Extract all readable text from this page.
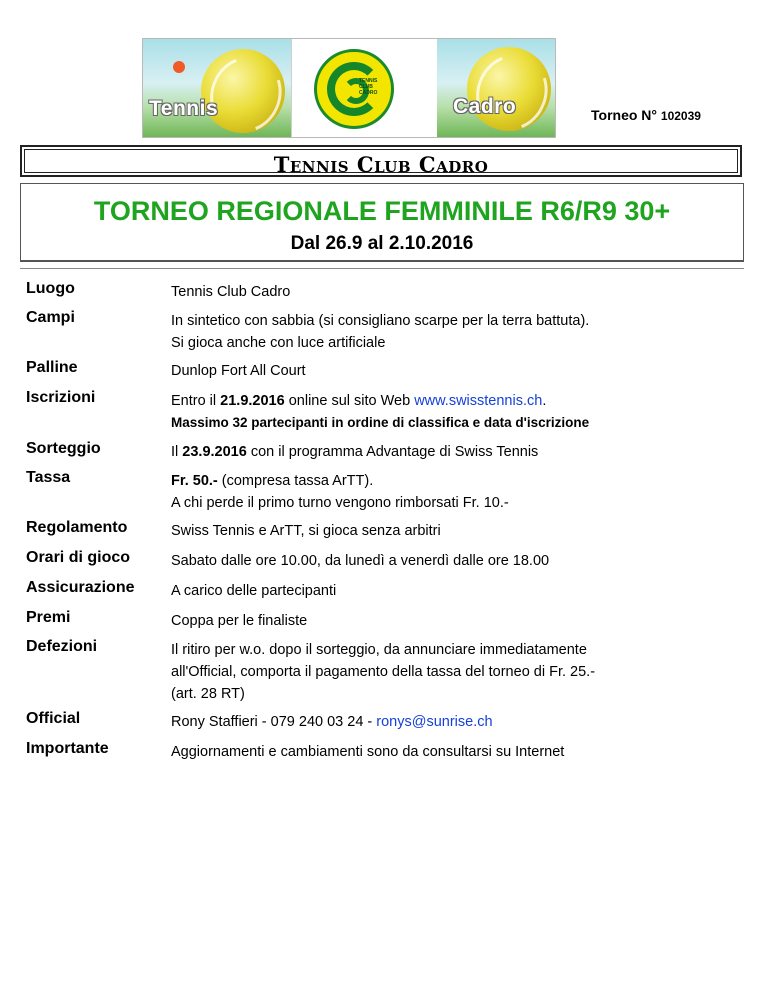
Tennis
TENNIS
CLUB
CADRO
Cadro	Torneo N° 102039
Tennis Club Cadro
TORNEO REGIONALE FEMMINILE R6/R9 30+
Dal 26.9 al 2.10.2016
Luogo	Tennis Club Cadro
Campi	In sintetico con sabbia (si consigliano scarpe per la terra battuta).
Si gioca anche con luce artificiale
Palline	Dunlop Fort All Court
Iscrizioni	Entro il 21.9.2016 online sul sito Web www.swisstennis.ch.
Massimo 32 partecipanti in ordine di classifica e data d'iscrizione
Sorteggio	Il 23.9.2016 con il programma Advantage di Swiss Tennis
Tassa	Fr. 50.- (compresa tassa ArTT).
A chi perde il primo turno vengono rimborsati Fr. 10.-
Regolamento	Swiss Tennis e ArTT, si gioca senza arbitri
Orari di gioco	Sabato dalle ore 10.00, da lunedì a venerdì dalle ore 18.00
Assicurazione	A carico delle partecipanti
Premi	Coppa per le finaliste
Defezioni	Il ritiro per w.o. dopo il sorteggio, da annunciare immediatamente
all'Official, comporta il pagamento della tassa del torneo di Fr. 25.-
(art. 28 RT)
Official	Rony Staffieri - 079 240 03 24 - ronys@sunrise.ch
Importante	Aggiornamenti e cambiamenti sono da consultarsi su Internet
